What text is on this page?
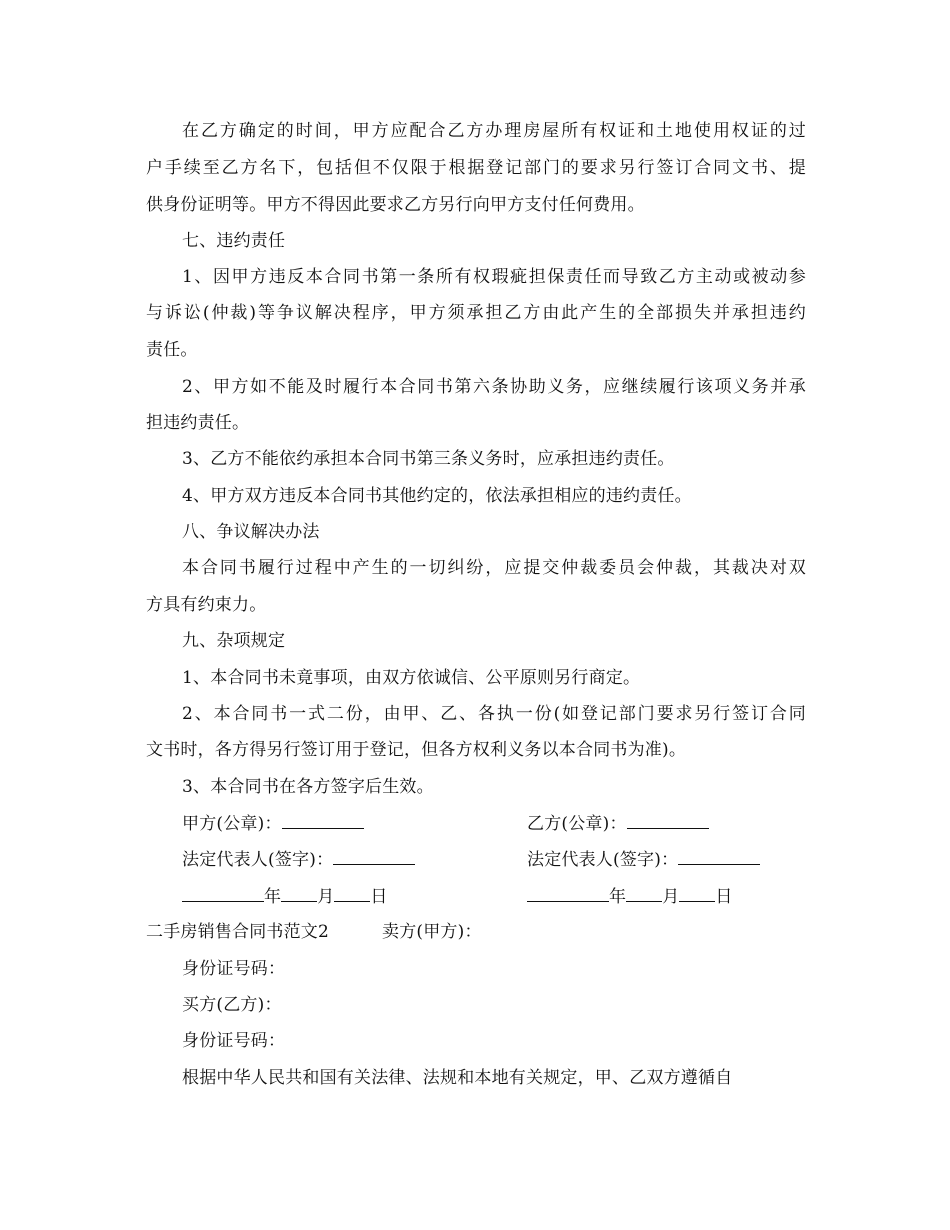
在乙方确定的时间，甲方应配合乙方办理房屋所有权证和土地使用权证的过
户手续至乙方名下，包括但不仅限于根据登记部门的要求另行签订合同文书、提
供身份证明等。甲方不得因此要求乙方另行向甲方支付任何费用。
七、违约责任
1、因甲方违反本合同书第一条所有权瑕疵担保责任而导致乙方主动或被动参
与诉讼(仲裁)等争议解决程序，甲方须承担乙方由此产生的全部损失并承担违约
责任。
2、甲方如不能及时履行本合同书第六条协助义务，应继续履行该项义务并承
担违约责任。
3、乙方不能依约承担本合同书第三条义务时，应承担违约责任。
4、甲方双方违反本合同书其他约定的，依法承担相应的违约责任。
八、争议解决办法
本合同书履行过程中产生的一切纠纷，应提交仲裁委员会仲裁，其裁决对双
方具有约束力。
九、杂项规定
1、本合同书未竟事项，由双方依诚信、公平原则另行商定。
2、本合同书一式二份，由甲、乙、各执一份(如登记部门要求另行签订合同
文书时，各方得另行签订用于登记，但各方权利义务以本合同书为准)。
3、本合同书在各方签字后生效。
甲方(公章)：	乙方(公章)：
法定代表人(签字)：	法定代表人(签字)：
年 月 日	年 月 日
二手房销售合同书范文2	卖方(甲方)：
身份证号码：
买方(乙方)：
身份证号码：
根据中华人民共和国有关法律、法规和本地有关规定，甲、乙双方遵循自
